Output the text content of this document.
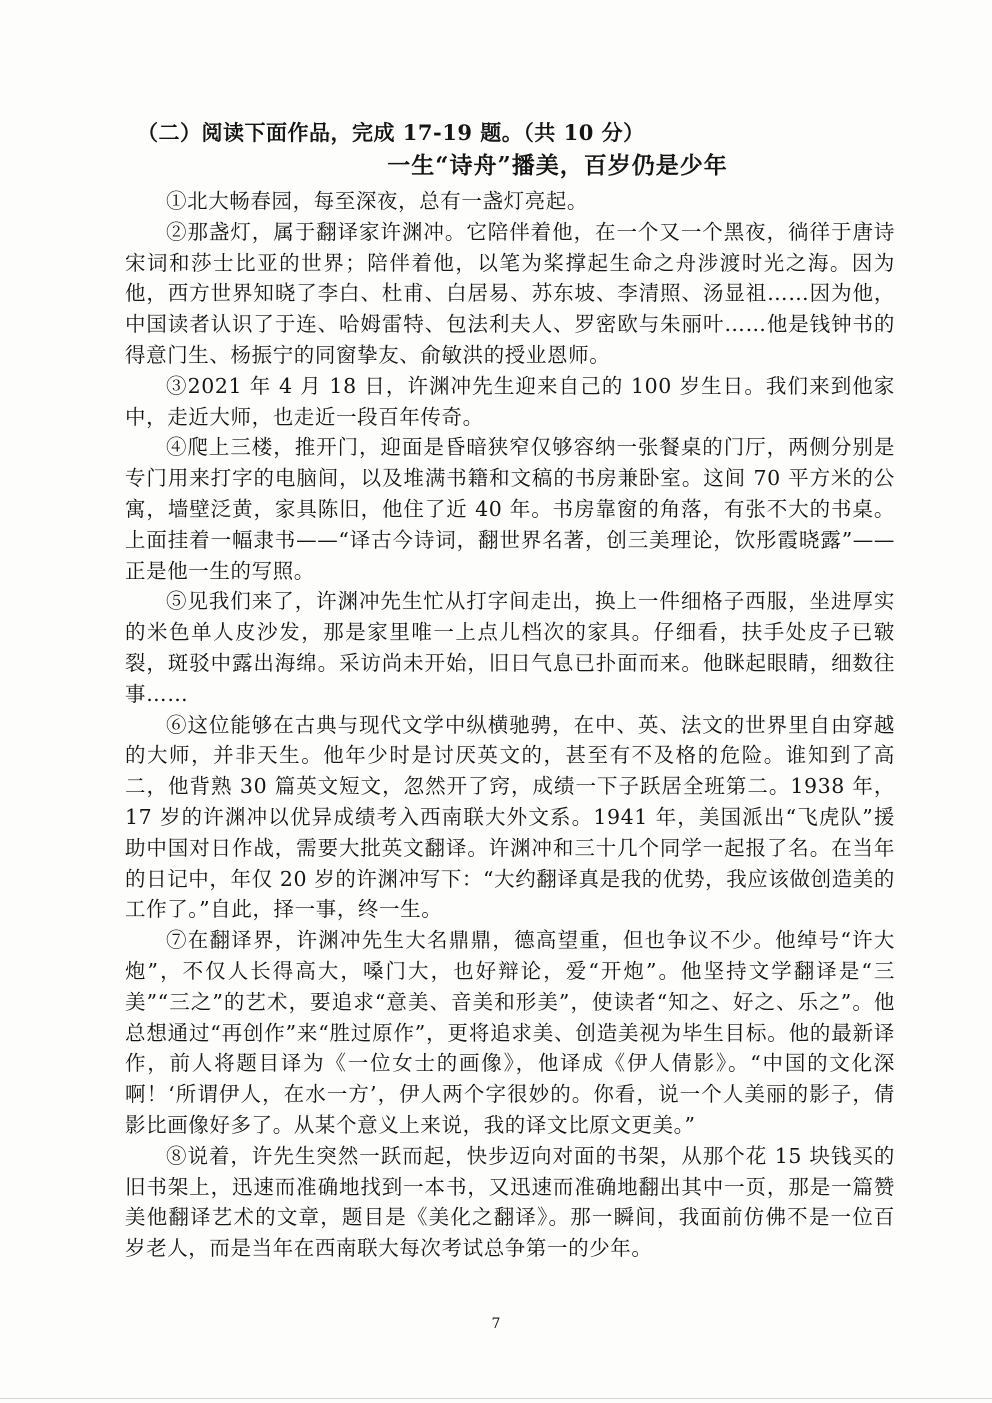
（二）阅读下面作品，完成 17-19 题。（共 10 分）
一生“诗舟”播美，百岁仍是少年

①北大畅春园，每至深夜，总有一盏灯亮起。

②那盏灯，属于翻译家许渊冲。它陪伴着他，在一个又一个黑夜，徜徉于唐诗宋词和莎士比亚的世界；陪伴着他，以笔为桨撑起生命之舟涉渡时光之海。因为他，西方世界知晓了李白、杜甫、白居易、苏东坡、李清照、汤显祖……因为他，中国读者认识了于连、哈姆雷特、包法利夫人、罗密欧与朱丽叶……他是钱钟书的得意门生、杨振宁的同窗挚友、俞敏洪的授业恩师。

③2021 年 4 月 18 日，许渊冲先生迎来自己的 100 岁生日。我们来到他家中，走近大师，也走近一段百年传奇。

④爬上三楼，推开门，迎面是昏暗狭窄仅够容纳一张餐桌的门厅，两侧分别是专门用来打字的电脑间，以及堆满书籍和文稿的书房兼卧室。这间 70 平方米的公寓，墙壁泛黄，家具陈旧，他住了近 40 年。书房靠窗的角落，有张不大的书桌。上面挂着一幅隶书——“译古今诗词，翻世界名著，创三美理论，饮彤霞晓露”——正是他一生的写照。

⑤见我们来了，许渊冲先生忙从打字间走出，换上一件细格子西服，坐进厚实的米色单人皮沙发，那是家里唯一上点儿档次的家具。仔细看，扶手处皮子已皲裂，斑驳中露出海绵。采访尚未开始，旧日气息已扑面而来。他眯起眼睛，细数往事……

⑥这位能够在古典与现代文学中纵横驰骋，在中、英、法文的世界里自由穿越的大师，并非天生。他年少时是讨厌英文的，甚至有不及格的危险。谁知到了高二，他背熟 30 篇英文短文，忽然开了窍，成绩一下子跃居全班第二。1938 年，17 岁的许渊冲以优异成绩考入西南联大外文系。1941 年，美国派出“飞虎队”援助中国对日作战，需要大批英文翻译。许渊冲和三十几个同学一起报了名。在当年的日记中，年仅 20 岁的许渊冲写下：“大约翻译真是我的优势，我应该做创造美的工作了。”自此，择一事，终一生。

⑦在翻译界，许渊冲先生大名鼎鼎，德高望重，但也争议不少。他绰号“许大炮”，不仅人长得高大，嗓门大，也好辩论，爱“开炮”。他坚持文学翻译是“三美”“三之”的艺术，要追求“意美、音美和形美”，使读者“知之、好之、乐之”。他总想通过“再创作”来“胜过原作”，更将追求美、创造美视为毕生目标。他的最新译作，前人将题目译为《一位女士的画像》，他译成《伊人倩影》。“中国的文化深啊！‘所谓伊人，在水一方’，伊人两个字很妙的。你看，说一个人美丽的影子，倩影比画像好多了。从某个意义上来说，我的译文比原文更美。”

⑧说着，许先生突然一跃而起，快步迈向对面的书架，从那个花 15 块钱买的旧书架上，迅速而准确地找到一本书，又迅速而准确地翻出其中一页，那是一篇赞美他翻译艺术的文章，题目是《美化之翻译》。那一瞬间，我面前仿佛不是一位百岁老人，而是当年在西南联大每次考试总争第一的少年。

7
